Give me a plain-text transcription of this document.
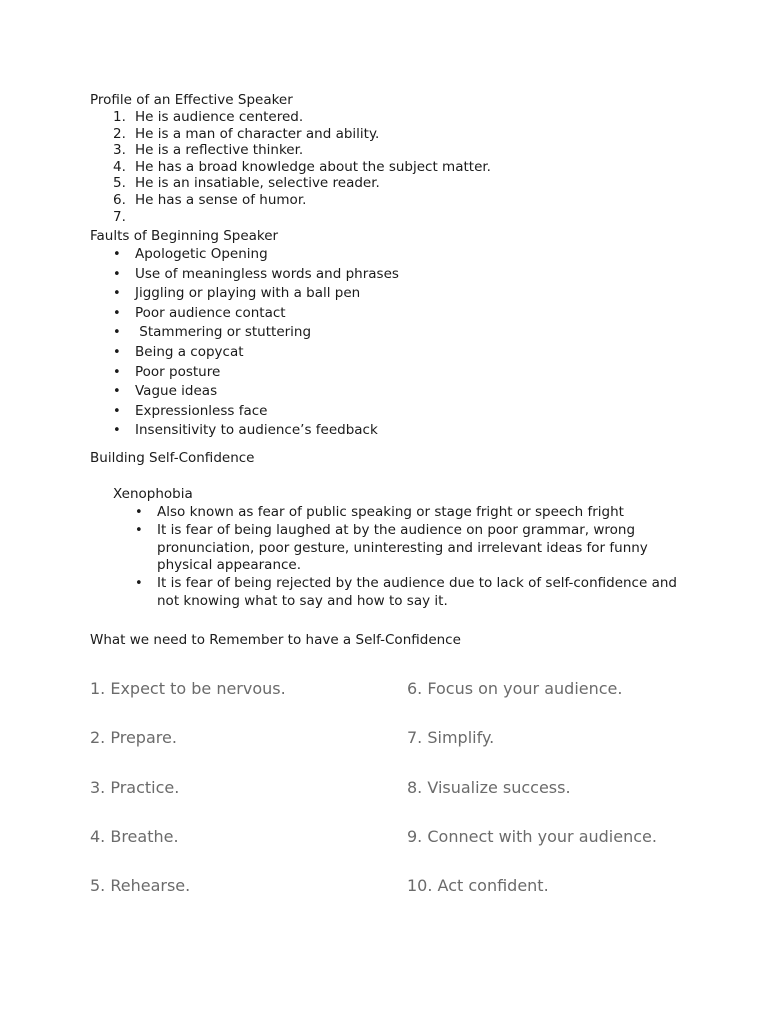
Profile of an Effective Speaker
1. He is audience centered.
2. He is a man of character and ability.
3. He is a reflective thinker.
4. He has a broad knowledge about the subject matter.
5. He is an insatiable, selective reader.
6. He has a sense of humor.
7.
Faults of Beginning Speaker
•
Apologetic Opening
•
Use of meaningless words and phrases
•
Jiggling or playing with a ball pen
•
Poor audience contact
•
Stammering or stuttering
•
Being a copycat
•
Poor posture
•
Vague ideas
•
Expressionless face
•
Insensitivity to audience’s feedback
Building Self-Confidence
Xenophobia
•
Also known as fear of public speaking or stage fright or speech fright
•
It is fear of being laughed at by the audience on poor grammar, wrong pronunciation, poor gesture, uninteresting and irrelevant ideas for funny physical appearance.
•
It is fear of being rejected by the audience due to lack of self-confidence and not knowing what to say and how to say it.
What we need to Remember to have a Self-Confidence
1. Expect to be nervous.	6. Focus on your audience.
2. Prepare.	7. Simplify.
3. Practice.	8. Visualize success.
4. Breathe.	9. Connect with your audience.
5. Rehearse.	10. Act confident.
